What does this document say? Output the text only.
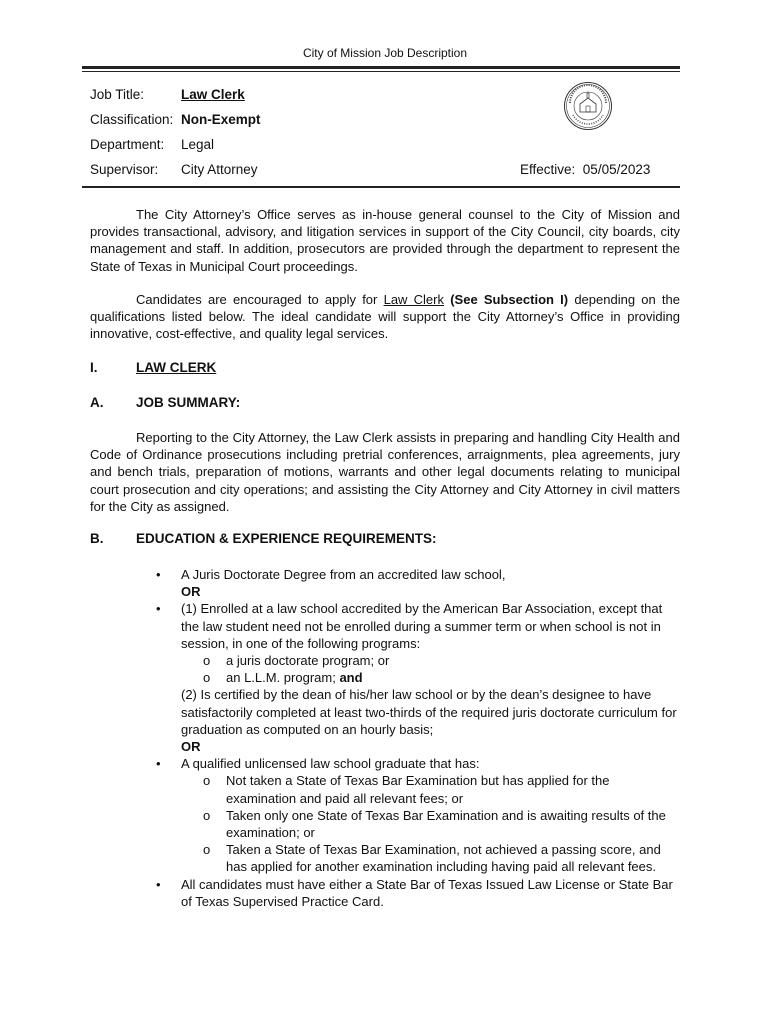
City of Mission Job Description
Job Title:	Law Clerk
Classification: Non-Exempt
Department: Legal
Supervisor: City Attorney	Effective: 05/05/2023
The City Attorney’s Office serves as in-house general counsel to the City of Mission and provides transactional, advisory, and litigation services in support of the City Council, city boards, city management and staff. In addition, prosecutors are provided through the department to represent the State of Texas in Municipal Court proceedings.
Candidates are encouraged to apply for Law Clerk (See Subsection I) depending on the qualifications listed below. The ideal candidate will support the City Attorney’s Office in providing innovative, cost-effective, and quality legal services.
I.	LAW CLERK
A. JOB SUMMARY:
Reporting to the City Attorney, the Law Clerk assists in preparing and handling City Health and Code of Ordinance prosecutions including pretrial conferences, arraignments, plea agreements, jury and bench trials, preparation of motions, warrants and other legal documents relating to municipal court prosecution and city operations; and assisting the City Attorney and City Attorney in civil matters for the City as assigned.
B. EDUCATION & EXPERIENCE REQUIREMENTS:
• A Juris Doctorate Degree from an accredited law school,
OR
• (1) Enrolled at a law school accredited by the American Bar Association, except that the law student need not be enrolled during a summer term or when school is not in session, in one of the following programs:
o a juris doctorate program; or
o an L.L.M. program; and
(2) Is certified by the dean of his/her law school or by the dean’s designee to have satisfactorily completed at least two-thirds of the required juris doctorate curriculum for graduation as computed on an hourly basis;
OR
• A qualified unlicensed law school graduate that has:
o Not taken a State of Texas Bar Examination but has applied for the examination and paid all relevant fees; or
o Taken only one State of Texas Bar Examination and is awaiting results of the examination; or
o Taken a State of Texas Bar Examination, not achieved a passing score, and has applied for another examination including having paid all relevant fees.
• All candidates must have either a State Bar of Texas Issued Law License or State Bar of Texas Supervised Practice Card.
